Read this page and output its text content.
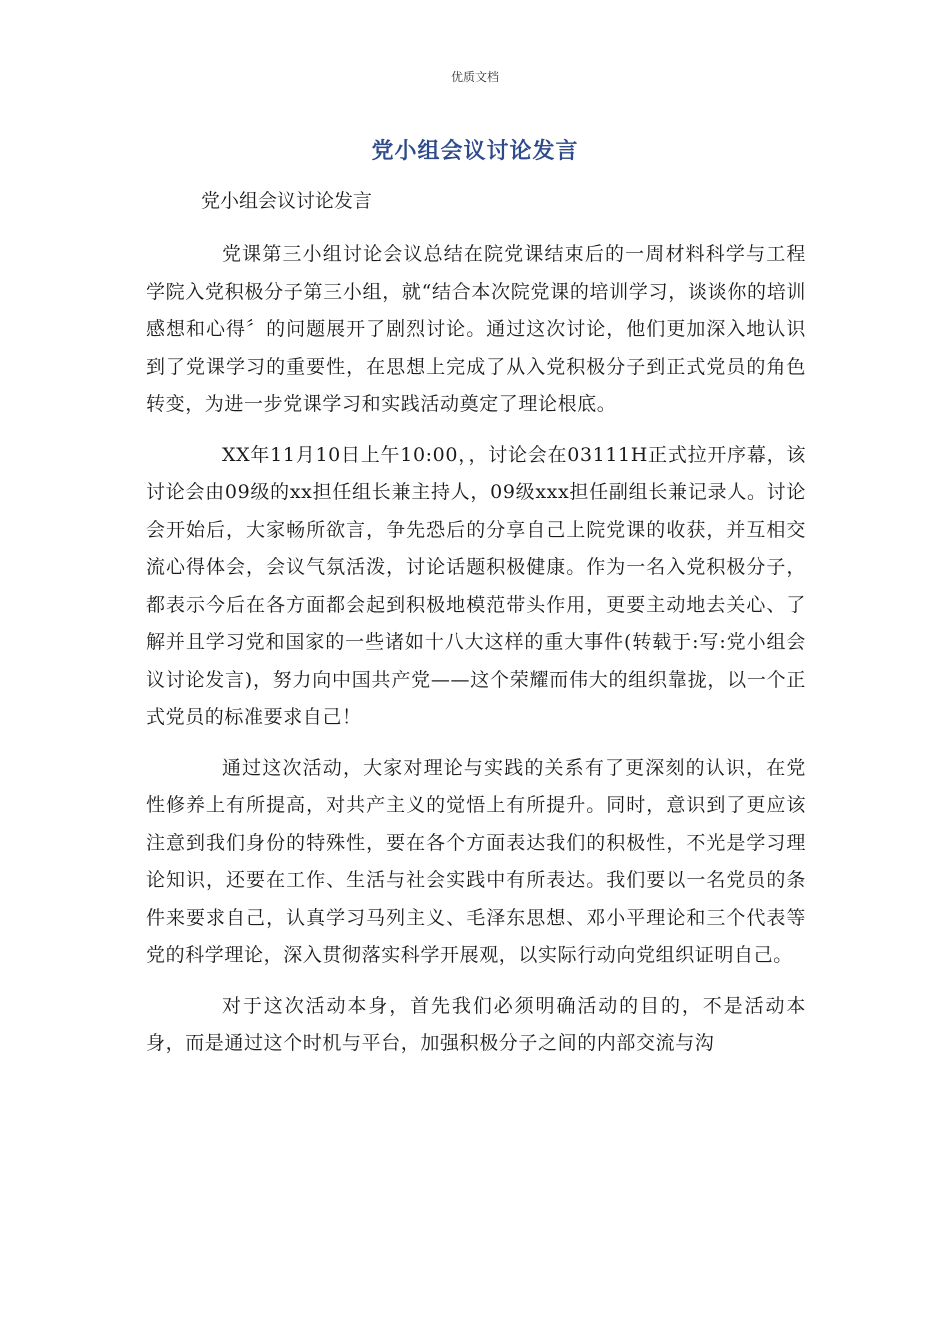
优质文档
党小组会议讨论发言
党小组会议讨论发言

党课第三小组讨论会议总结在院党课结束后的一周材料科学与工程学院入党积极分子第三小组，就“结合本次院党课的培训学习，谈谈你的培训感想和心得〞的问题展开了剧烈讨论。通过这次讨论，他们更加深入地认识到了党课学习的重要性，在思想上完成了从入党积极分子到正式党员的角色转变，为进一步党课学习和实践活动奠定了理论根底。

XX年11月10日上午10:00，，讨论会在03111H正式拉开序幕，该讨论会由09级的xx担任组长兼主持人，09级xxx担任副组长兼记录人。讨论会开始后，大家畅所欲言，争先恐后的分享自己上院党课的收获，并互相交流心得体会，会议气氛活泼，讨论话题积极健康。作为一名入党积极分子，都表示今后在各方面都会起到积极地模范带头作用，更要主动地去关心、了解并且学习党和国家的一些诸如十八大这样的重大事件(转载于:写:党小组会议讨论发言)，努力向中国共产党——这个荣耀而伟大的组织靠拢，以一个正式党员的标准要求自己！

通过这次活动，大家对理论与实践的关系有了更深刻的认识，在党性修养上有所提高，对共产主义的觉悟上有所提升。同时，意识到了更应该注意到我们身份的特殊性，要在各个方面表达我们的积极性，不光是学习理论知识，还要在工作、生活与社会实践中有所表达。我们要以一名党员的条件来要求自己，认真学习马列主义、毛泽东思想、邓小平理论和三个代表等党的科学理论，深入贯彻落实科学开展观，以实际行动向党组织证明自己。

对于这次活动本身，首先我们必须明确活动的目的，不是活动本身，而是通过这个时机与平台，加强积极分子之间的内部交流与沟
